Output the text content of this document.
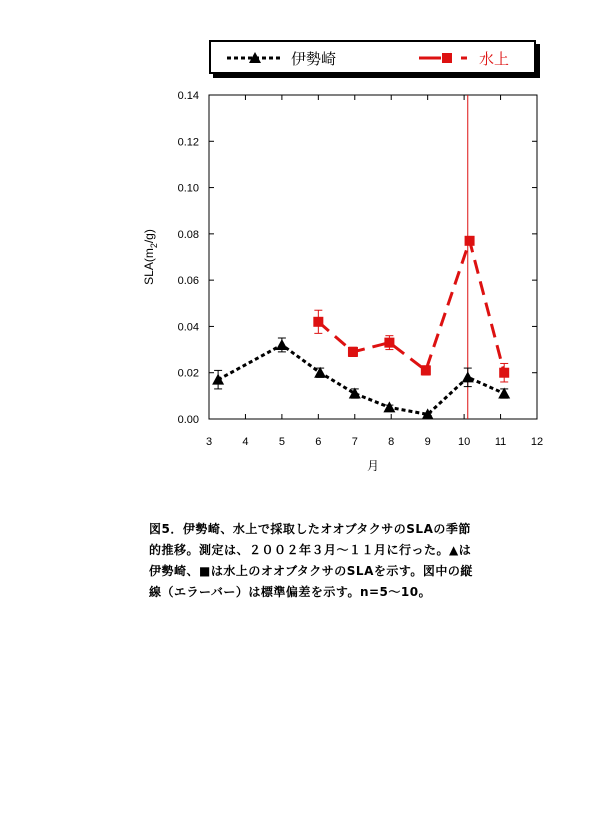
0.00
0.02
0.04
0.06
0.08
0.10
0.12
0.14
3	4	5	6	7	8	9 10 11 12
月
$SLA(m_2/g)$
伊勢崎	水上

図5．伊勢崎、水上で採取したオオブタクサのSLAの季節

的推移。測定は、２００２年３月～１１月に行った。▲は

伊勢崎、■は水上のオオブタクサのSLAを示す。図中の縦

線（エラーバー）は標準偏差を示す。n=5～10。
